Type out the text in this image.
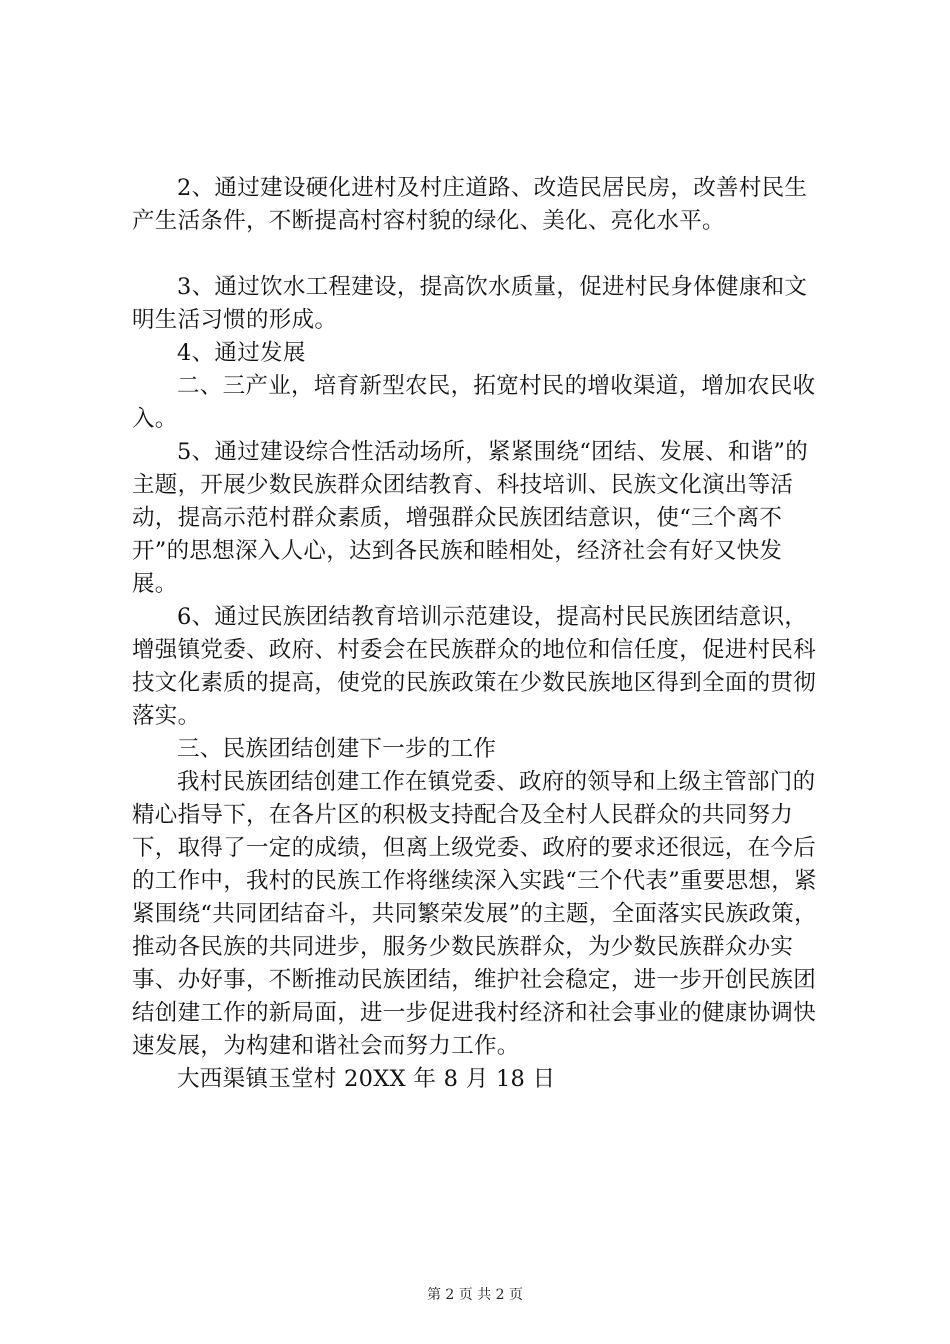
2、通过建设硬化进村及村庄道路、改造民居民房，改善村民生产生活条件，不断提高村容村貌的绿化、美化、亮化水平。

3、通过饮水工程建设，提高饮水质量，促进村民身体健康和文明生活习惯的形成。

4、通过发展

二、三产业，培育新型农民，拓宽村民的增收渠道，增加农民收入。

5、通过建设综合性活动场所，紧紧围绕“团结、发展、和谐”的主题，开展少数民族群众团结教育、科技培训、民族文化演出等活动，提高示范村群众素质，增强群众民族团结意识，使“三个离不开”的思想深入人心，达到各民族和睦相处，经济社会有好又快发展。

6、通过民族团结教育培训示范建设，提高村民民族团结意识，增强镇党委、政府、村委会在民族群众的地位和信任度，促进村民科技文化素质的提高，使党的民族政策在少数民族地区得到全面的贯彻落实。

三、民族团结创建下一步的工作

我村民族团结创建工作在镇党委、政府的领导和上级主管部门的精心指导下，在各片区的积极支持配合及全村人民群众的共同努力下，取得了一定的成绩，但离上级党委、政府的要求还很远，在今后的工作中，我村的民族工作将继续深入实践“三个代表”重要思想，紧紧围绕“共同团结奋斗，共同繁荣发展”的主题，全面落实民族政策，推动各民族的共同进步，服务少数民族群众，为少数民族群众办实事、办好事，不断推动民族团结，维护社会稳定，进一步开创民族团结创建工作的新局面，进一步促进我村经济和社会事业的健康协调快速发展，为构建和谐社会而努力工作。

大西渠镇玉堂村 20XX 年 8 月 18 日

第 2 页 共 2 页
